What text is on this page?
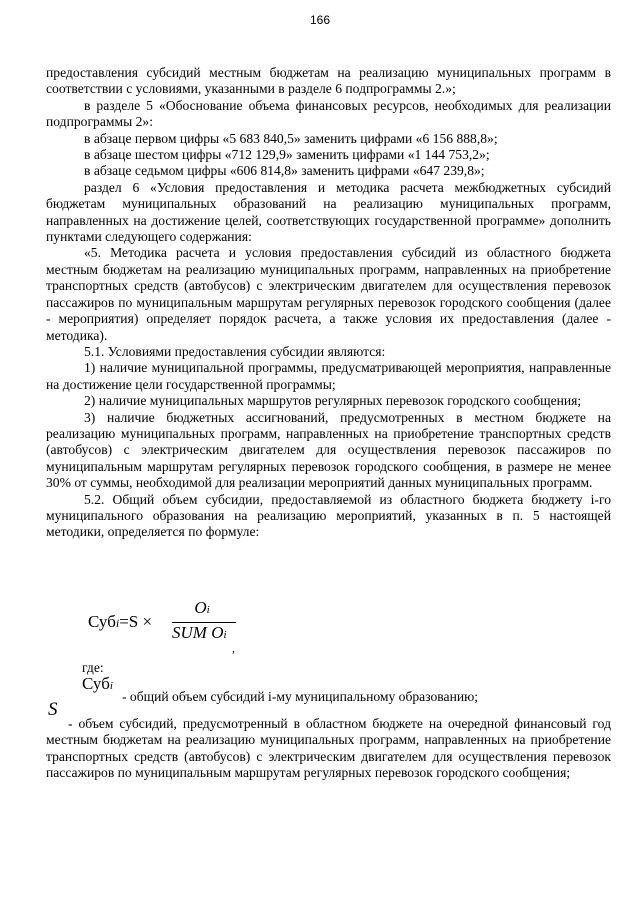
166

предоставления субсидий местным бюджетам на реализацию муниципальных программ в соответствии с условиями, указанными в разделе 6 подпрограммы 2.»;

в разделе 5 «Обоснование объема финансовых ресурсов, необходимых для реализации подпрограммы 2»:

в абзаце первом цифры «5 683 840,5» заменить цифрами «6 156 888,8»;

в абзаце шестом цифры «712 129,9» заменить цифрами «1 144 753,2»;

в абзаце седьмом цифры «606 814,8» заменить цифрами «647 239,8»;

раздел 6 «Условия предоставления и методика расчета межбюджетных субсидий бюджетам муниципальных образований на реализацию муниципальных программ, направленных на достижение целей, соответствующих государственной программе» дополнить пунктами следующего содержания:

«5. Методика расчета и условия предоставления субсидий из областного бюджета местным бюджетам на реализацию муниципальных программ, направленных на приобретение транспортных средств (автобусов) с электрическим двигателем для осуществления перевозок пассажиров по муниципальным маршрутам регулярных перевозок городского сообщения (далее - мероприятия) определяет порядок расчета, а также условия их предоставления (далее - методика).

5.1. Условиями предоставления субсидии являются:

1) наличие муниципальной программы, предусматривающей мероприятия, направленные на достижение цели государственной программы;

2) наличие муниципальных маршрутов регулярных перевозок городского сообщения;

3) наличие бюджетных ассигнований, предусмотренных в местном бюджете на реализацию муниципальных программ, направленных на приобретение транспортных средств (автобусов) с электрическим двигателем для осуществления перевозок пассажиров по муниципальным маршрутам регулярных перевозок городского сообщения, в размере не менее 30% от суммы, необходимой для реализации мероприятий данных муниципальных программ.

5.2. Общий объем субсидии, предоставляемой из областного бюджета бюджету i-го муниципального образования на реализацию мероприятий, указанных в п. 5 настоящей методики, определяется по формуле:

Субi=S ×
Oi
SUM Oi
,
где:
Субi
- общий объем субсидий i-му муниципальному образованию;
S

- объем субсидий, предусмотренный в областном бюджете на очередной финансовый год местным бюджетам на реализацию муниципальных программ, направленных на приобретение транспортных средств (автобусов) с электрическим двигателем для осуществления перевозок пассажиров по муниципальным маршрутам регулярных перевозок городского сообщения;
